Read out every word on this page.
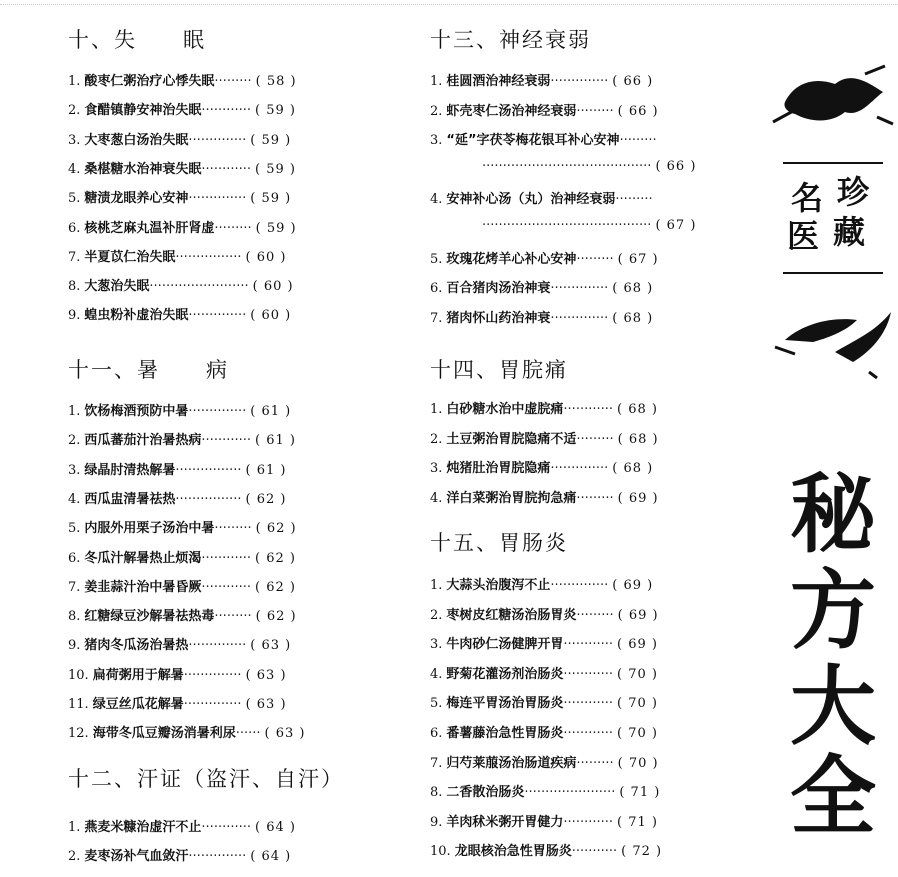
十、失　　眠
1. 酸枣仁粥治疗心悸失眠········· ( 58 )
2. 食醋镇静安神治失眠············ ( 59 )
3. 大枣葱白汤治失眠·············· ( 59 )
4. 桑椹糖水治神衰失眠············ ( 59 )
5. 糖渍龙眼养心安神·············· ( 59 )
6. 核桃芝麻丸温补肝肾虚········· ( 59 )
7. 半夏苡仁治失眠················ ( 60 )
8. 大葱治失眠························ ( 60 )
9. 蝗虫粉补虚治失眠·············· ( 60 )
十一、暑　　病
1. 饮杨梅酒预防中暑·············· ( 61 )
2. 西瓜蕃茄汁治暑热病············ ( 61 )
3. 绿晶肘清热解暑················ ( 61 )
4. 西瓜盅清暑祛热················ ( 62 )
5. 内服外用栗子汤治中暑········· ( 62 )
6. 冬瓜汁解暑热止烦渴············ ( 62 )
7. 姜韭蒜汁治中暑昏厥············ ( 62 )
8. 红糖绿豆沙解暑祛热毒········· ( 62 )
9. 猪肉冬瓜汤治暑热·············· ( 63 )
10. 扁荷粥用于解暑·············· ( 63 )
11. 绿豆丝瓜花解暑·············· ( 63 )
12. 海带冬瓜豆瓣汤消暑利尿······ ( 63 )
十二、汗证（盗汗、自汗）
1. 燕麦米糠治虚汗不止············ ( 64 )
2. 麦枣汤补气血敛汗·············· ( 64 )
十三、神经衰弱
1. 桂圆酒治神经衰弱·············· ( 66 )
2. 虾壳枣仁汤治神经衰弱········· ( 66 )
3. “延”字茯苓梅花银耳补心安神·········
········································· ( 66 )
4. 安神补心汤（丸）治神经衰弱·········
········································· ( 67 )
5. 玫瑰花烤羊心补心安神········· ( 67 )
6. 百合猪肉汤治神衰·············· ( 68 )
7. 猪肉怀山药治神衰·············· ( 68 )
十四、胃脘痛
1. 白砂糖水治中虚脘痛············ ( 68 )
2. 土豆粥治胃脘隐痛不适········· ( 68 )
3. 炖猪肚治胃脘隐痛·············· ( 68 )
4. 洋白菜粥治胃脘拘急痛········· ( 69 )
十五、胃肠炎
1. 大蒜头治腹泻不止·············· ( 69 )
2. 枣树皮红糖汤治肠胃炎········· ( 69 )
3. 牛肉砂仁汤健脾开胃············ ( 69 )
4. 野菊花灌汤剂治肠炎············ ( 70 )
5. 梅连平胃汤治胃肠炎············ ( 70 )
6. 番薯藤治急性胃肠炎············ ( 70 )
7. 归芍莱菔汤治肠道疾病········· ( 70 )
8. 二香散治肠炎······················ ( 71 )
9. 羊肉秫米粥开胃健力············ ( 71 )
10. 龙眼核治急性胃肠炎··········· ( 72 )
名 珍
医 藏
秘
方
大
全
